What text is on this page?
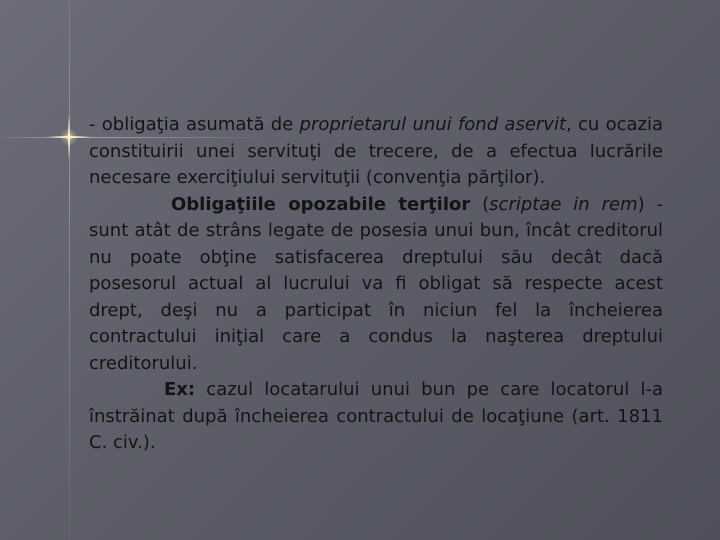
- obligaţia asumată de proprietarul unui fond aservit, cu ocazia constituirii unei servituţi de trecere, de a efectua lucrările necesare exerciţiului servituţii (convenţia părţilor).

Obligaţiile opozabile terţilor (scriptae in rem) - sunt atât de strâns legate de posesia unui bun, încât creditorul nu poate obţine satisfacerea dreptului său decât dacă posesorul actual al lucrului va fi obligat să respecte acest drept, deşi nu a participat în niciun fel la încheierea contractului iniţial care a condus la naşterea dreptului creditorului.

Ex: cazul locatarului unui bun pe care locatorul l-a înstrăinat după încheierea contractului de locaţiune (art. 1811 C. civ.).
